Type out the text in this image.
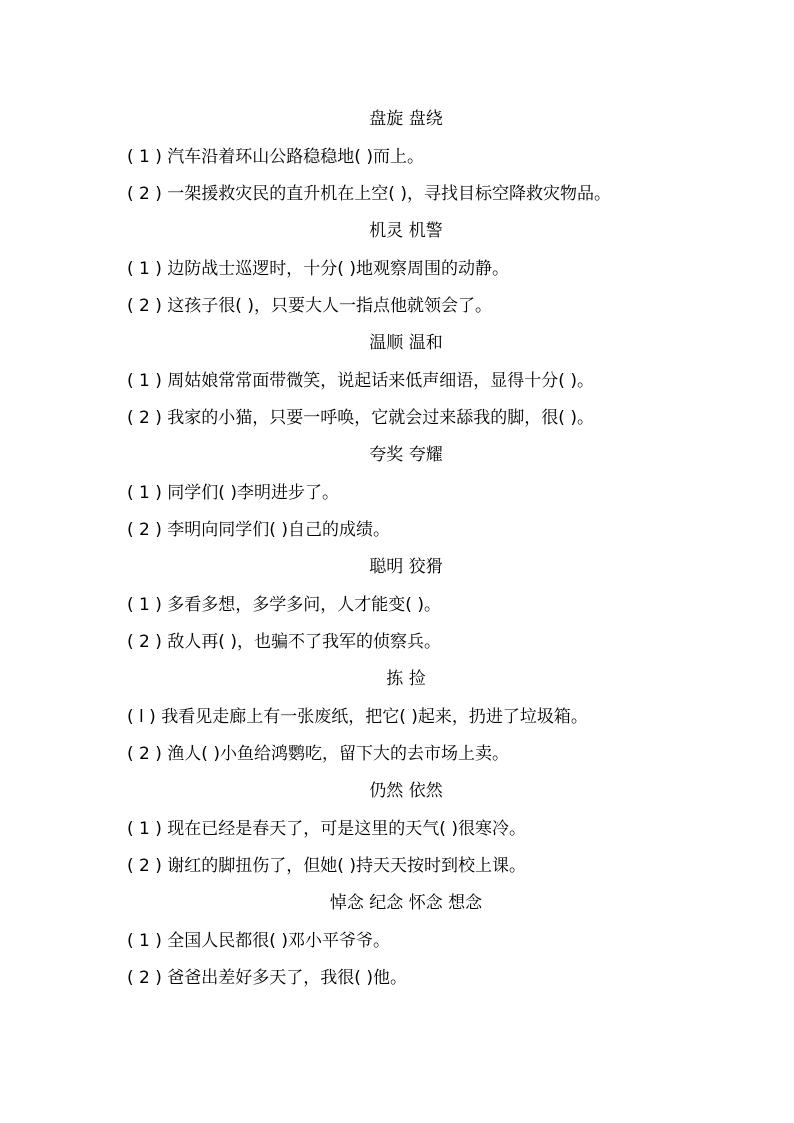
盘旋 盘绕
( 1 ) 汽车沿着环山公路稳稳地( )而上。
( 2 ) 一架援救灾民的直升机在上空( )，寻找目标空降救灾物品。
机灵 机警
( 1 ) 边防战士巡逻时，十分( )地观察周围的动静。
( 2 ) 这孩子很( )，只要大人一指点他就领会了。
温顺 温和
( 1 ) 周姑娘常常面带微笑，说起话来低声细语，显得十分( )。
( 2 ) 我家的小猫，只要一呼唤，它就会过来舔我的脚，很( )。
夸奖 夸耀
( 1 ) 同学们( )李明进步了。
( 2 ) 李明向同学们( )自己的成绩。
聪明 狡猾
( 1 ) 多看多想，多学多问，人才能变( )。
( 2 ) 敌人再( )，也骗不了我军的侦察兵。
拣 捡
( l ) 我看见走廊上有一张废纸，把它( )起来，扔进了垃圾箱。
( 2 ) 渔人( )小鱼给鸿鹦吃，留下大的去市场上卖。
仍然 依然
( 1 ) 现在已经是春天了，可是这里的天气( )很寒冷。
( 2 ) 谢红的脚扭伤了，但她( )持天天按时到校上课。
悼念 纪念 怀念 想念
( 1 ) 全国人民都很( )邓小平爷爷。
( 2 ) 爸爸出差好多天了，我很( )他。
